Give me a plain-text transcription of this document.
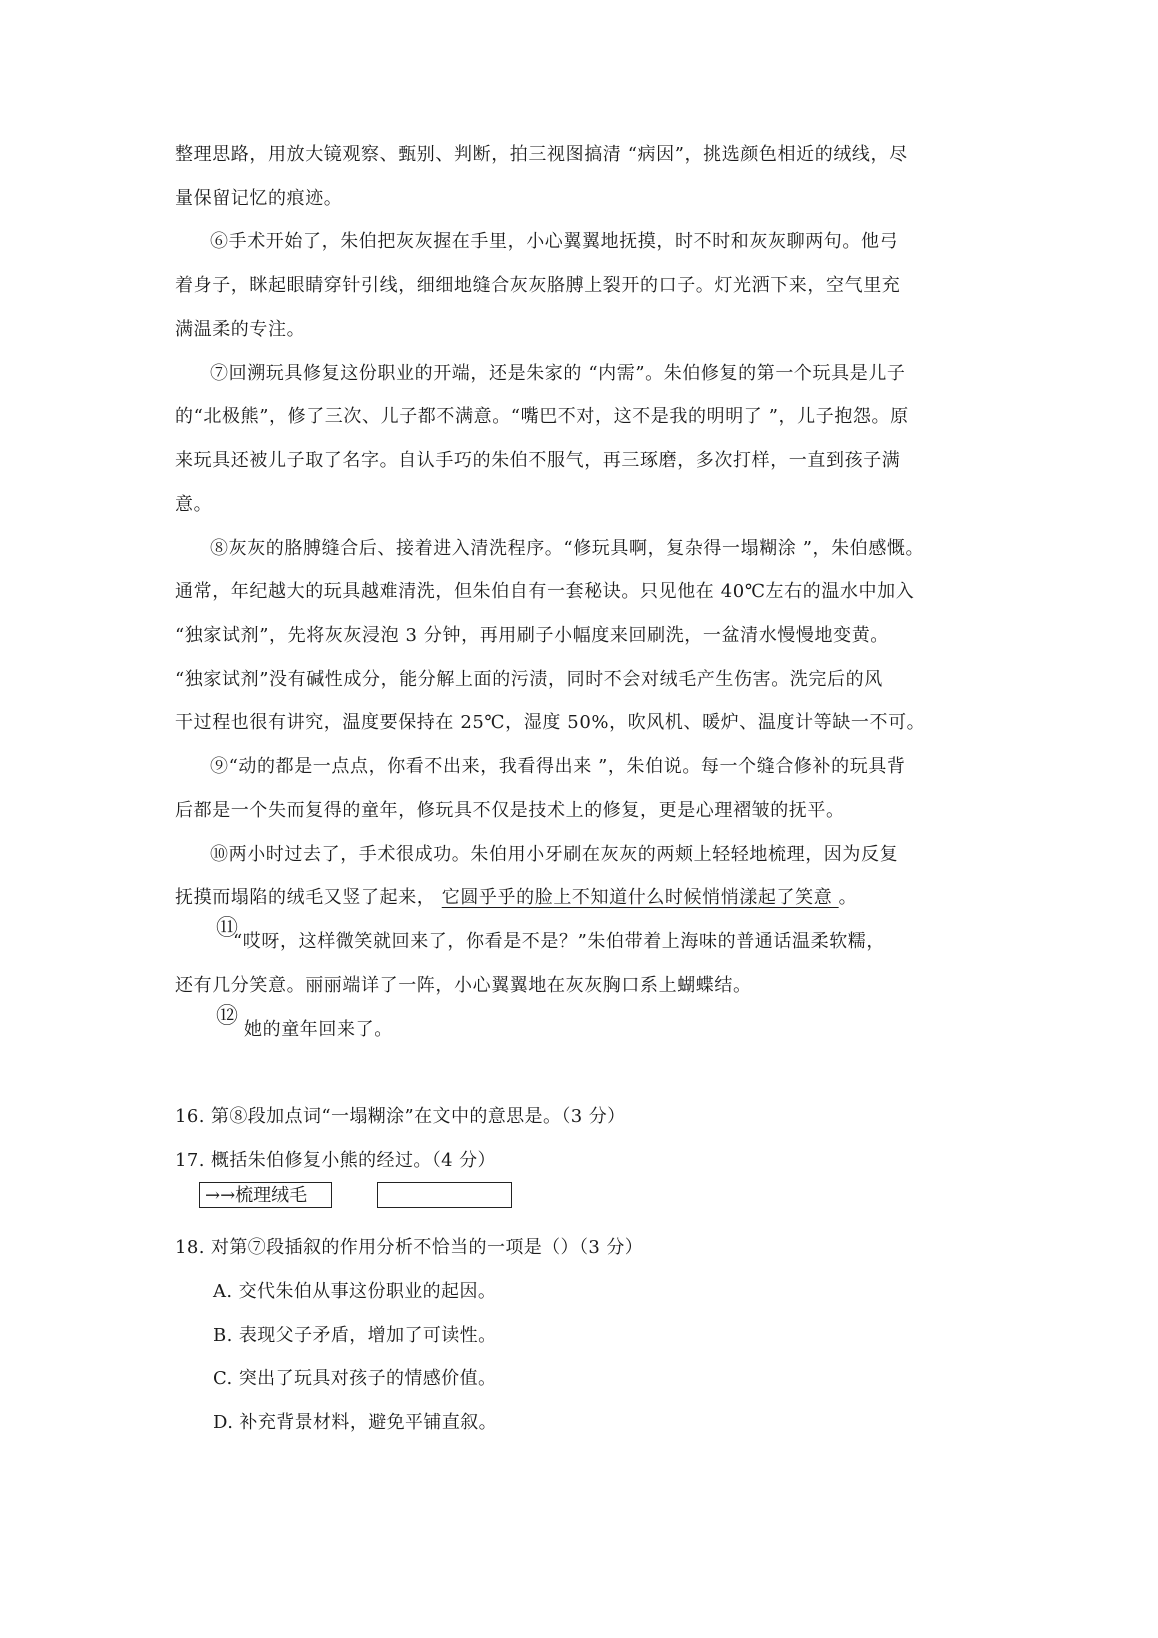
整理思路，用放大镜观察、甄别、判断，拍三视图搞清 “病因”，挑选颜色相近的绒线，尽
量保留记忆的痕迹。
⑥手术开始了，朱伯把灰灰握在手里，小心翼翼地抚摸，时不时和灰灰聊两句。他弓
着身子，眯起眼睛穿针引线，细细地缝合灰灰胳膊上裂开的口子。灯光洒下来，空气里充
满温柔的专注。
⑦回溯玩具修复这份职业的开端，还是朱家的 “内需”。朱伯修复的第一个玩具是儿子
的“北极熊”，修了三次、儿子都不满意。“嘴巴不对，这不是我的明明了 ”，儿子抱怨。原
来玩具还被儿子取了名字。自认手巧的朱伯不服气，再三琢磨，多次打样，一直到孩子满
意。
⑧灰灰的胳膊缝合后、接着进入清洗程序。“修玩具啊，复杂得一塌糊涂 ”，朱伯感慨。
通常，年纪越大的玩具越难清洗，但朱伯自有一套秘诀。只见他在 40℃左右的温水中加入
“独家试剂”，先将灰灰浸泡 3 分钟，再用刷子小幅度来回刷洗，一盆清水慢慢地变黄。
“独家试剂”没有碱性成分，能分解上面的污渍，同时不会对绒毛产生伤害。洗完后的风
干过程也很有讲究，温度要保持在 25℃，湿度 50%，吹风机、暖炉、温度计等缺一不可。
⑨“动的都是一点点，你看不出来，我看得出来 ”，朱伯说。每一个缝合修补的玩具背
后都是一个失而复得的童年，修玩具不仅是技术上的修复，更是心理褶皱的抚平。
⑩两小时过去了，手术很成功。朱伯用小牙刷在灰灰的两颊上轻轻地梳理，因为反复
抚摸而塌陷的绒毛又竖了起来， 它圆乎乎的脸上不知道什么时候悄悄漾起了笑意 。
⑪
“哎呀，这样微笑就回来了，你看是不是？”朱伯带着上海味的普通话温柔软糯，
还有几分笑意。丽丽端详了一阵，小心翼翼地在灰灰胸口系上蝴蝶结。
⑫
她的童年回来了。
16. 第⑧段加点词“一塌糊涂”在文中的意思是。（3 分）
17. 概括朱伯修复小熊的经过。（4 分）
→→梳理绒毛
18. 对第⑦段插叙的作用分析不恰当的一项是（）（3 分）
A. 交代朱伯从事这份职业的起因。
B. 表现父子矛盾，增加了可读性。
C. 突出了玩具对孩子的情感价值。
D. 补充背景材料，避免平铺直叙。
